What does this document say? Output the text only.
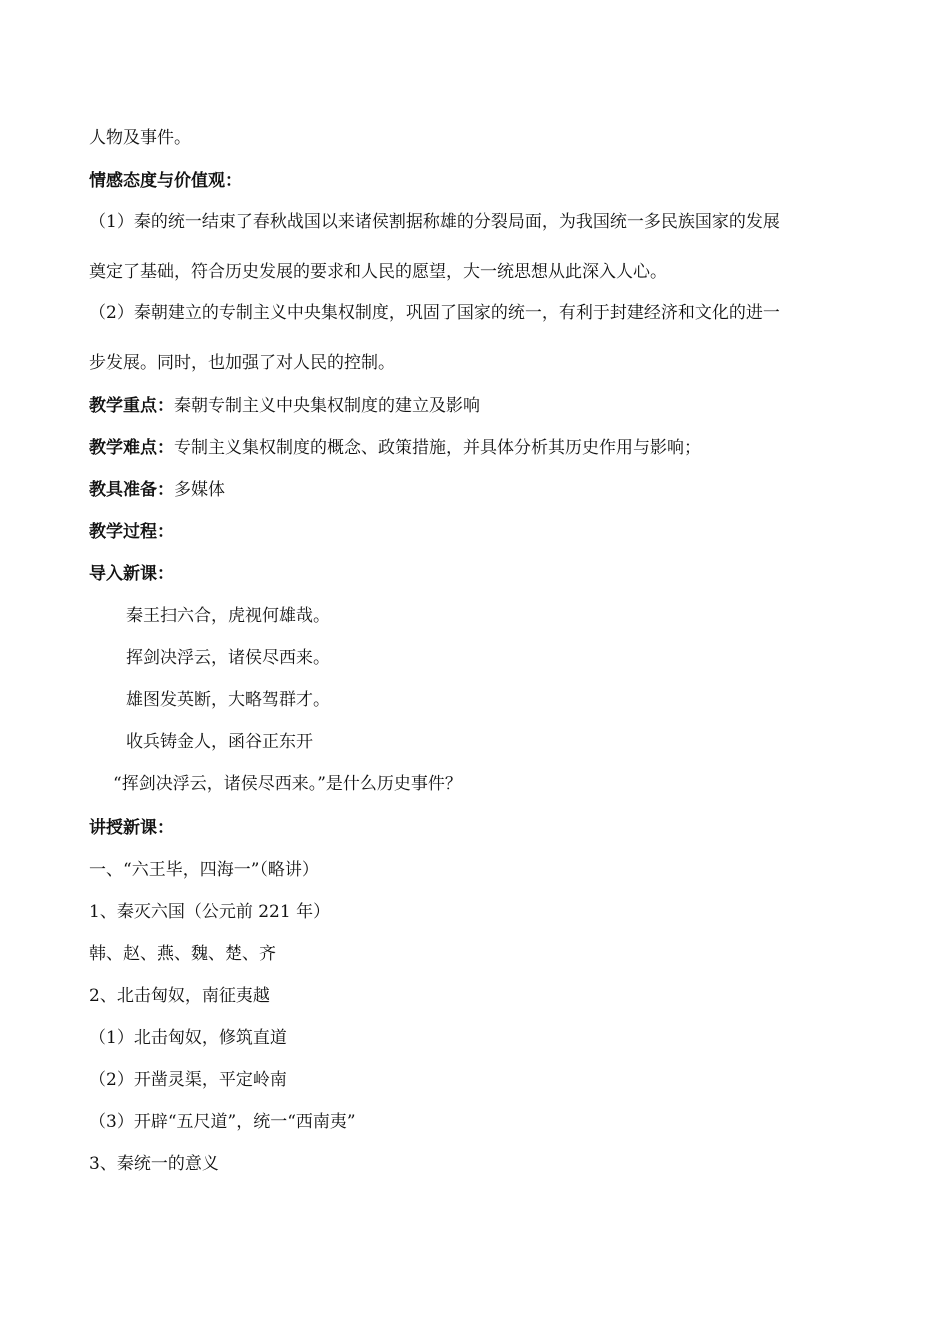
人物及事件。
情感态度与价值观：
（1）秦的统一结束了春秋战国以来诸侯割据称雄的分裂局面，为我国统一多民族国家的发展
奠定了基础，符合历史发展的要求和人民的愿望，大一统思想从此深入人心。
（2）秦朝建立的专制主义中央集权制度，巩固了国家的统一，有利于封建经济和文化的进一
步发展。同时，也加强了对人民的控制。
教学重点：秦朝专制主义中央集权制度的建立及影响
教学难点：专制主义集权制度的概念、政策措施，并具体分析其历史作用与影响；
教具准备：多媒体
教学过程：
导入新课：
秦王扫六合，虎视何雄哉。
挥剑决浮云，诸侯尽西来。
雄图发英断，大略驾群才。
收兵铸金人，函谷正东开
“挥剑决浮云，诸侯尽西来。”是什么历史事件？
讲授新课：
一、“六王毕，四海一”（略讲）
1、秦灭六国（公元前 221 年）
韩、赵、燕、魏、楚、齐
2、北击匈奴，南征夷越
（1）北击匈奴，修筑直道
（2）开凿灵渠，平定岭南
（3）开辟“五尺道”，统一“西南夷”
3、秦统一的意义
